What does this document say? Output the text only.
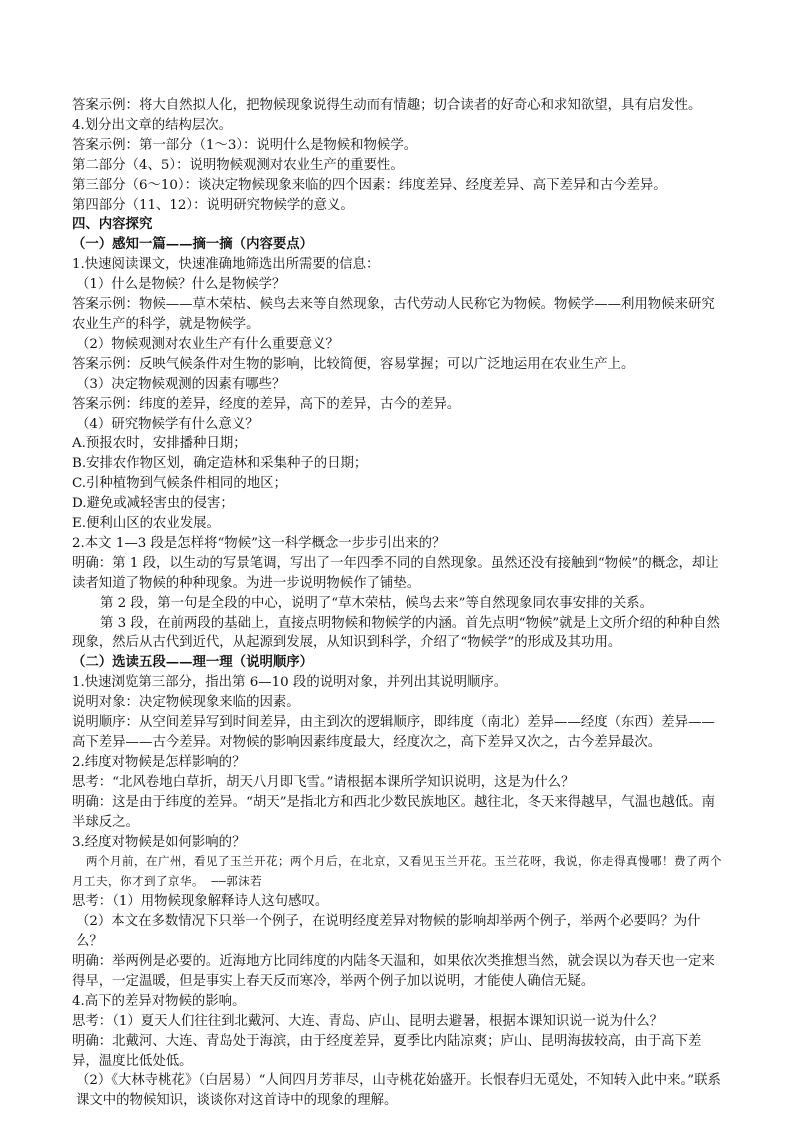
答案示例：将大自然拟人化，把物候现象说得生动而有情趣；切合读者的好奇心和求知欲望，具有启发性。

4.划分出文章的结构层次。

答案示例：第一部分（1～3）：说明什么是物候和物候学。

第二部分（4、5）：说明物候观测对农业生产的重要性。

第三部分（6～10）：谈决定物候现象来临的四个因素：纬度差异、经度差异、高下差异和古今差异。

第四部分（11、12）：说明研究物候学的意义。

四、内容探究

（一）感知一篇——摘一摘（内容要点）

1.快速阅读课文，快速准确地筛选出所需要的信息：

（1）什么是物候？什么是物候学？

答案示例：物候——草木荣枯、候鸟去来等自然现象，古代劳动人民称它为物候。物候学——利用物候来研究农业生产的科学，就是物候学。

（2）物候观测对农业生产有什么重要意义？

答案示例：反映气候条件对生物的影响，比较简便，容易掌握；可以广泛地运用在农业生产上。

（3）决定物候观测的因素有哪些？

答案示例：纬度的差异，经度的差异，高下的差异，古今的差异。

（4）研究物候学有什么意义？

A.预报农时，安排播种日期；

B.安排农作物区划，确定造林和采集种子的日期；

C.引种植物到气候条件相同的地区；

D.避免或减轻害虫的侵害；

E.便利山区的农业发展。

2.本文 1—3 段是怎样将“物候”这一科学概念一步步引出来的？

明确：第 1 段，以生动的写景笔调，写出了一年四季不同的自然现象。虽然还没有接触到“物候”的概念，却让读者知道了物候的种种现象。为进一步说明物候作了铺垫。

第 2 段，第一句是全段的中心，说明了“草木荣枯，候鸟去来”等自然现象同农事安排的关系。

第 3 段，在前两段的基础上，直接点明物候和物候学的内涵。首先点明“物候”就是上文所介绍的种种自然现象，然后从古代到近代，从起源到发展，从知识到科学，介绍了“物候学”的形成及其功用。

（二）选读五段——理一理（说明顺序）

1.快速浏览第三部分，指出第 6—10 段的说明对象，并列出其说明顺序。

说明对象：决定物候现象来临的因素。

说明顺序：从空间差异写到时间差异，由主到次的逻辑顺序，即纬度（南北）差异——经度（东西）差异——高下差异——古今差异。对物候的影响因素纬度最大，经度次之，高下差异又次之，古今差异最次。

2.纬度对物候是怎样影响的？

思考：“北风卷地白草折，胡天八月即飞雪。”请根据本课所学知识说明，这是为什么？

明确：这是由于纬度的差异。“胡天”是指北方和西北少数民族地区。越往北，冬天来得越早，气温也越低。南半球反之。

3.经度对物候是如何影响的？

两个月前，在广州，看见了玉兰开花；两个月后，在北京，又看见玉兰开花。玉兰花呀，我说，你走得真慢哪！费了两个月工夫，你才到了京华。 ——郭沫若

思考：（1）用物候现象解释诗人这句感叹。

（2）本文在多数情况下只举一个例子，在说明经度差异对物候的影响却举两个例子，举两个必要吗？为什么？

明确：举两例是必要的。近海地方比同纬度的内陆冬天温和，如果依次类推想当然，就会误以为春天也一定来得早，一定温暖，但是事实上春天反而寒冷，举两个例子加以说明，才能使人确信无疑。

4.高下的差异对物候的影响。

思考：（1）夏天人们往往到北戴河、大连、青岛、庐山、昆明去避暑，根据本课知识说一说为什么？

明确：北戴河、大连、青岛处于海滨，由于经度差异，夏季比内陆凉爽；庐山、昆明海拔较高，由于高下差异，温度比低处低。

（2）《大林寺桃花》（白居易）“人间四月芳菲尽，山寺桃花始盛开。长恨春归无觅处，不知转入此中来。”联系课文中的物候知识，谈谈你对这首诗中的现象的理解。
